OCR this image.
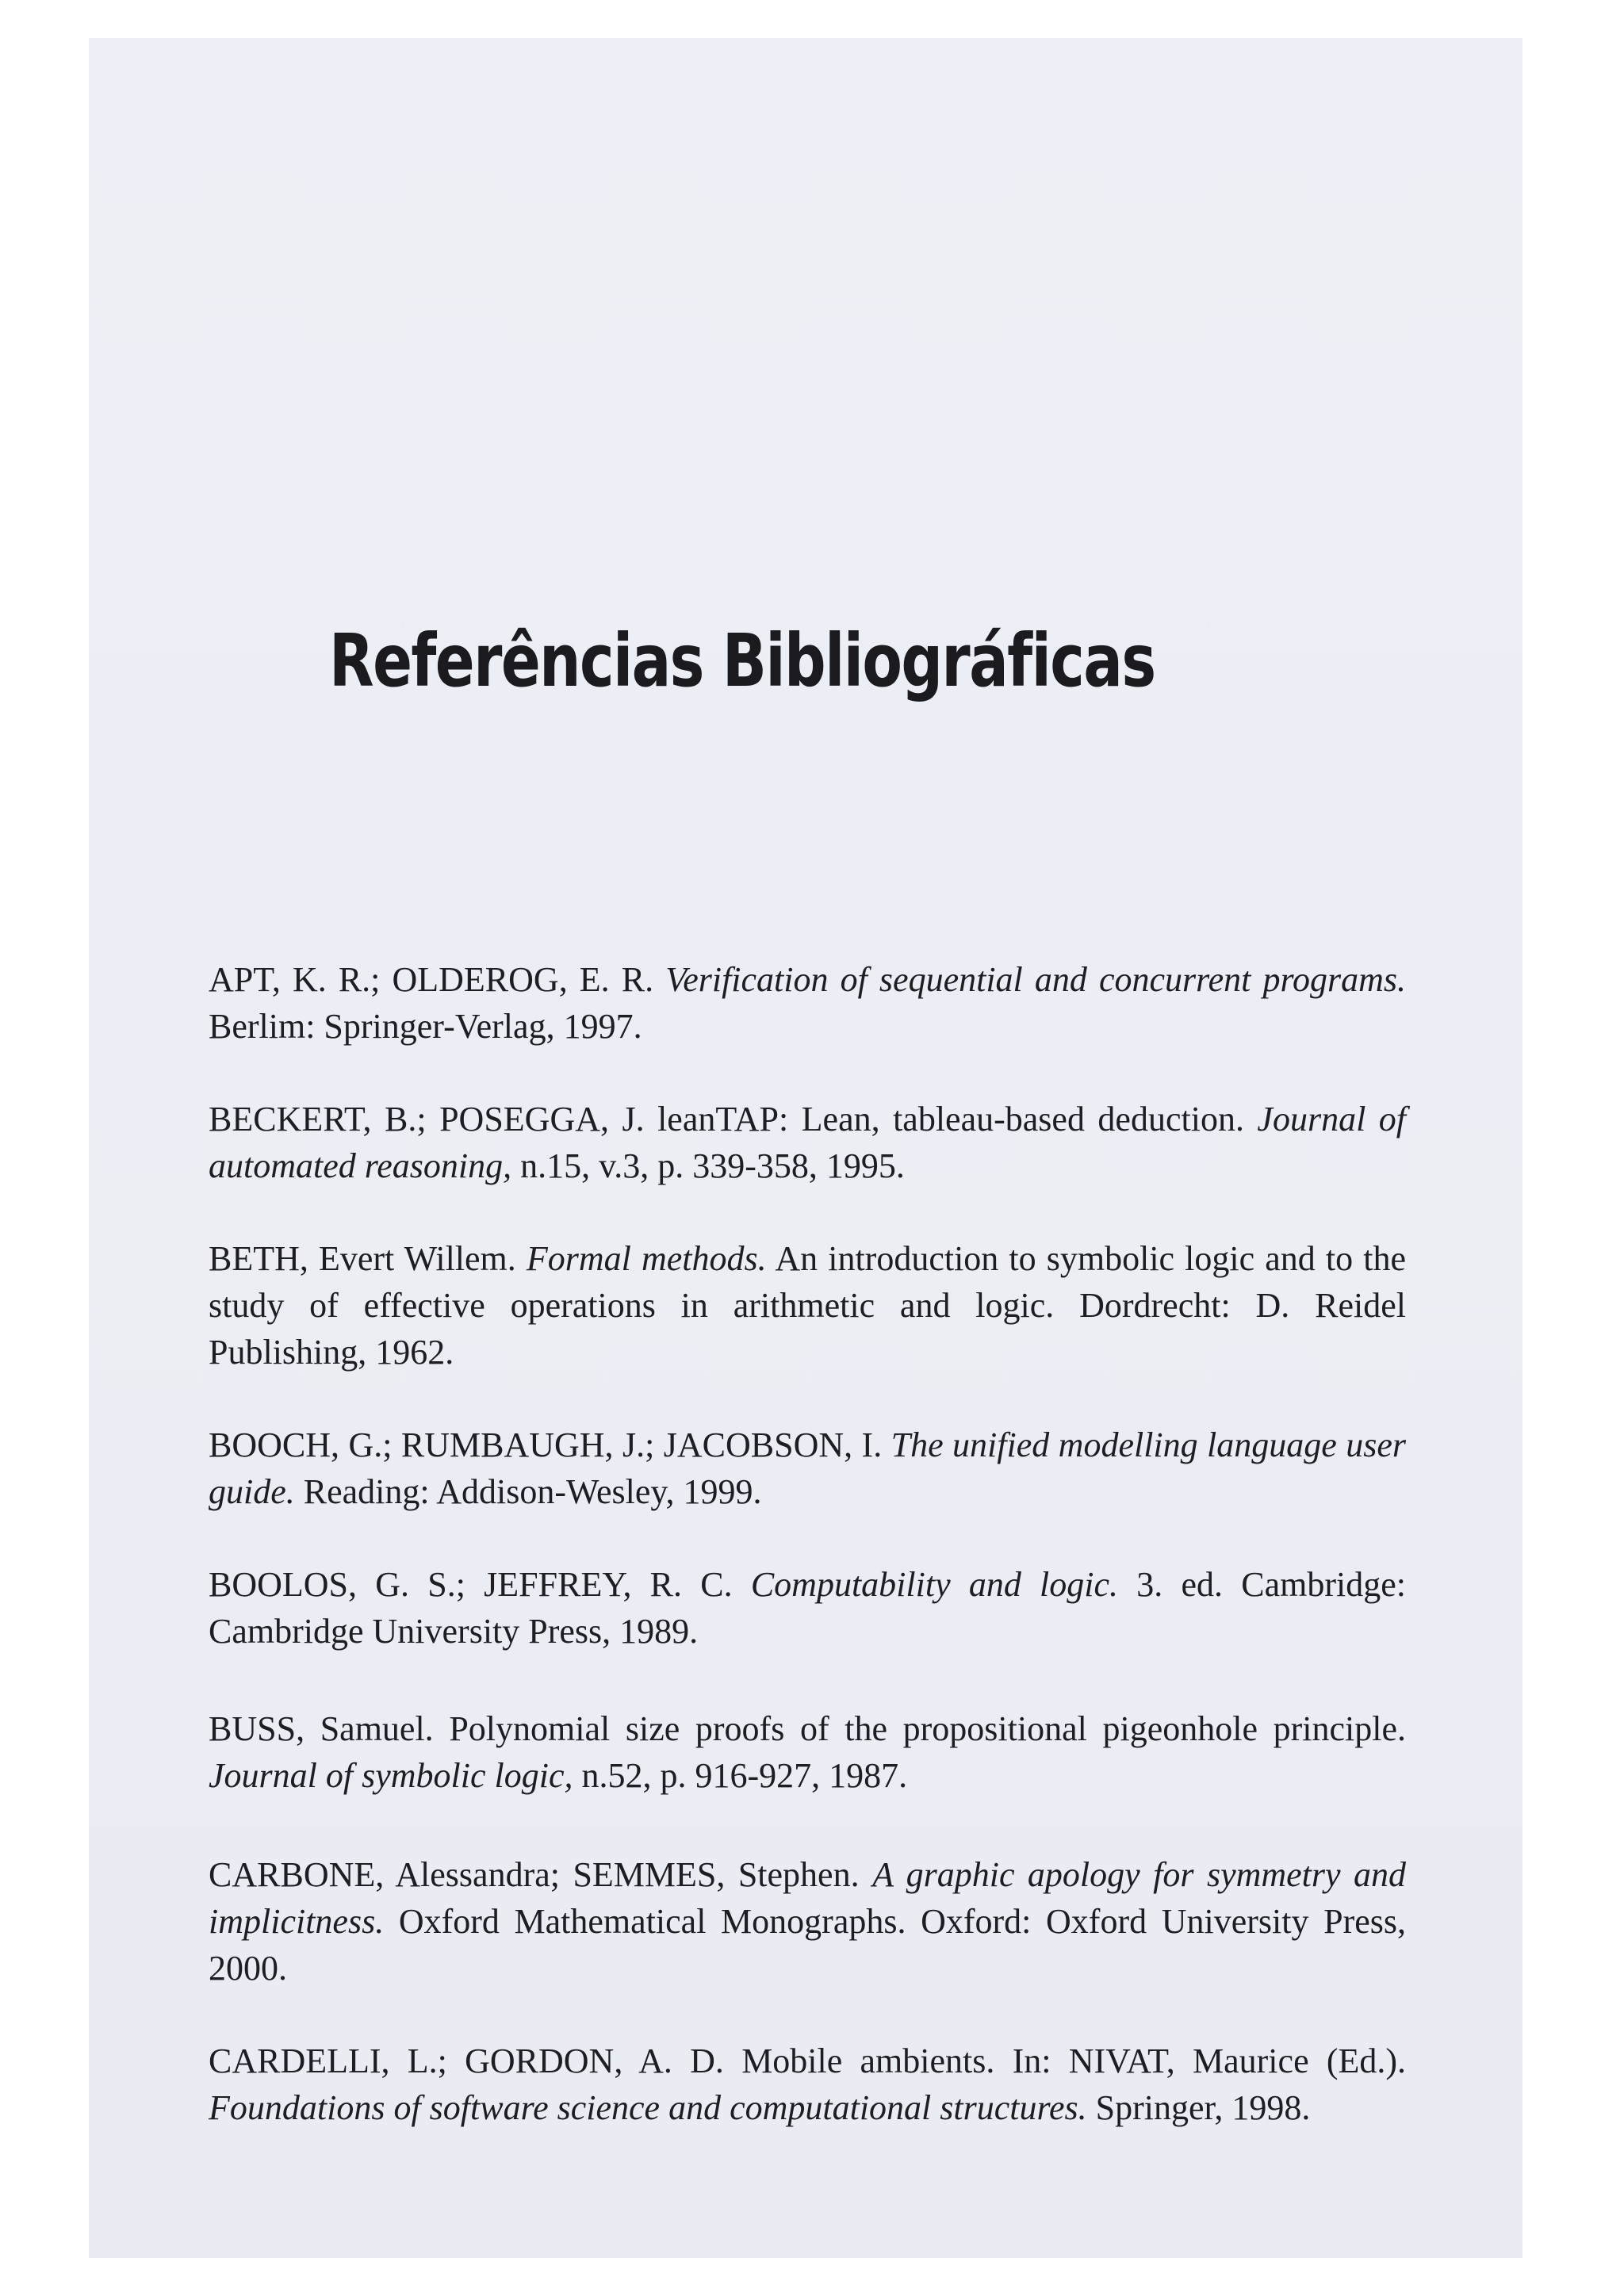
Referências Bibliográficas
APT, K. R.; OLDEROG, E. R. Verification of sequential and concurrent programs. Berlim: Springer-Verlag, 1997.
BECKERT, B.; POSEGGA, J. leanTAP: Lean, tableau-based deduction. Journal of automated reasoning, n.15, v.3, p. 339-358, 1995.
BETH, Evert Willem. Formal methods. An introduction to symbolic logic and to the study of effective operations in arithmetic and logic. Dordrecht: D. Reidel Publishing, 1962.
BOOCH, G.; RUMBAUGH, J.; JACOBSON, I. The unified modelling language user guide. Reading: Addison-Wesley, 1999.
BOOLOS, G. S.; JEFFREY, R. C. Computability and logic. 3. ed. Cambridge: Cambridge University Press, 1989.
BUSS, Samuel. Polynomial size proofs of the propositional pigeonhole principle. Journal of symbolic logic, n.52, p. 916-927, 1987.
CARBONE, Alessandra; SEMMES, Stephen. A graphic apology for symmetry and implicitness. Oxford Mathematical Monographs. Oxford: Oxford University Press, 2000.
CARDELLI, L.; GORDON, A. D. Mobile ambients. In: NIVAT, Maurice (Ed.). Foundations of software science and computational structures. Springer, 1998.
